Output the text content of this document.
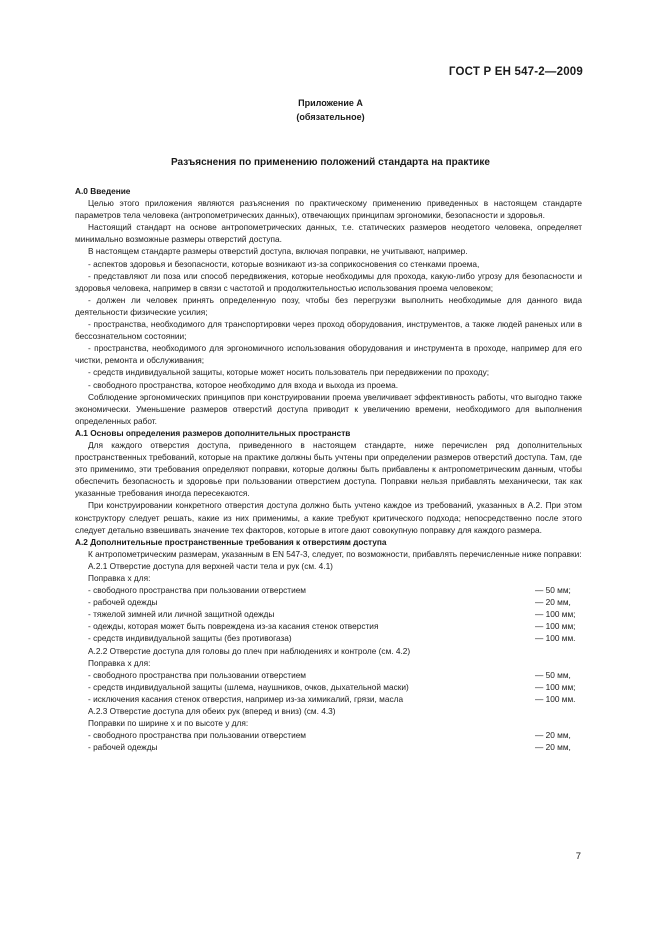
ГОСТ Р ЕН 547-2—2009
Приложение А
(обязательное)
Разъяснения по применению положений стандарта на практике

А.0 Введение

Целью этого приложения являются разъяснения по практическому применению приведенных в настоящем стандарте параметров тела человека (антропометрических данных), отвечающих принципам эргономики, безопасности и здоровья.

Настоящий стандарт на основе антропометрических данных, т.е. статических размеров неодетого человека, определяет минимально возможные размеры отверстий доступа.

В настоящем стандарте размеры отверстий доступа, включая поправки, не учитывают, например.

- аспектов здоровья и безопасности, которые возникают из-за соприкосновения со стенками проема,

- представляют ли поза или способ передвижения, которые необходимы для прохода, какую-либо угрозу для безопасности и здоровья человека, например в связи с частотой и продолжительностью использования проема человеком;

- должен ли человек принять определенную позу, чтобы без перегрузки выполнить необходимые для данного вида деятельности физические усилия;

- пространства, необходимого для транспортировки через проход оборудования, инструментов, а также людей раненых или в бессознательном состоянии;

- пространства, необходимого для эргономичного использования оборудования и инструмента в проходе, например для его чистки, ремонта и обслуживания;

- средств индивидуальной защиты, которые может носить пользователь при передвижении по проходу;

- свободного пространства, которое необходимо для входа и выхода из проема.

Соблюдение эргономических принципов при конструировании проема увеличивает эффективность работы, что выгодно также экономически. Уменьшение размеров отверстий доступа приводит к увеличению времени, необходимого для выполнения определенных работ.

А.1 Основы определения размеров дополнительных пространств

Для каждого отверстия доступа, приведенного в настоящем стандарте, ниже перечислен ряд дополнительных пространственных требований, которые на практике должны быть учтены при определении размеров отверстий доступа. Там, где это применимо, эти требования определяют поправки, которые должны быть прибавлены к антропометрическим данным, чтобы обеспечить безопасность и здоровье при пользовании отверстием доступа. Поправки нельзя прибавлять механически, так как указанные требования иногда пересекаются.

При конструировании конкретного отверстия доступа должно быть учтено каждое из требований, указанных в А.2. При этом конструктору следует решать, какие из них применимы, а какие требуют критического подхода; непосредственно после этого следует детально взвешивать значение тех факторов, которые в итоге дают совокупную поправку для каждого размера.

А.2 Дополнительные пространственные требования к отверстиям доступа

К антропометрическим размерам, указанным в ЕN 547-3, следует, по возможности, прибавлять перечисленные ниже поправки:

А.2.1 Отверстие доступа для верхней части тела и рук (см. 4.1)

Поправка x для:

- свободного пространства при пользовании отверстием	— 50 мм;
- рабочей одежды	— 20 мм,
- тяжелой зимней или личной защитной одежды	— 100 мм;
- одежды, которая может быть повреждена из-за касания стенок отверстия	— 100 мм;
- средств индивидуальной защиты (без противогаза)	— 100 мм.

А.2.2 Отверстие доступа для головы до плеч при наблюдениях и контроле (см. 4.2)

Поправка x для:

- свободного пространства при пользовании отверстием	— 50 мм,
- средств индивидуальной защиты (шлема, наушников, очков, дыхательной маски)	— 100 мм;
- исключения касания стенок отверстия, например из-за химикалий, грязи, масла	— 100 мм.

А.2.3 Отверстие доступа для обеих рук (вперед и вниз) (см. 4.3)

Поправки по ширине x и по высоте y для:

- свободного пространства при пользовании отверстием	— 20 мм,
- рабочей одежды	— 20 мм,
7
